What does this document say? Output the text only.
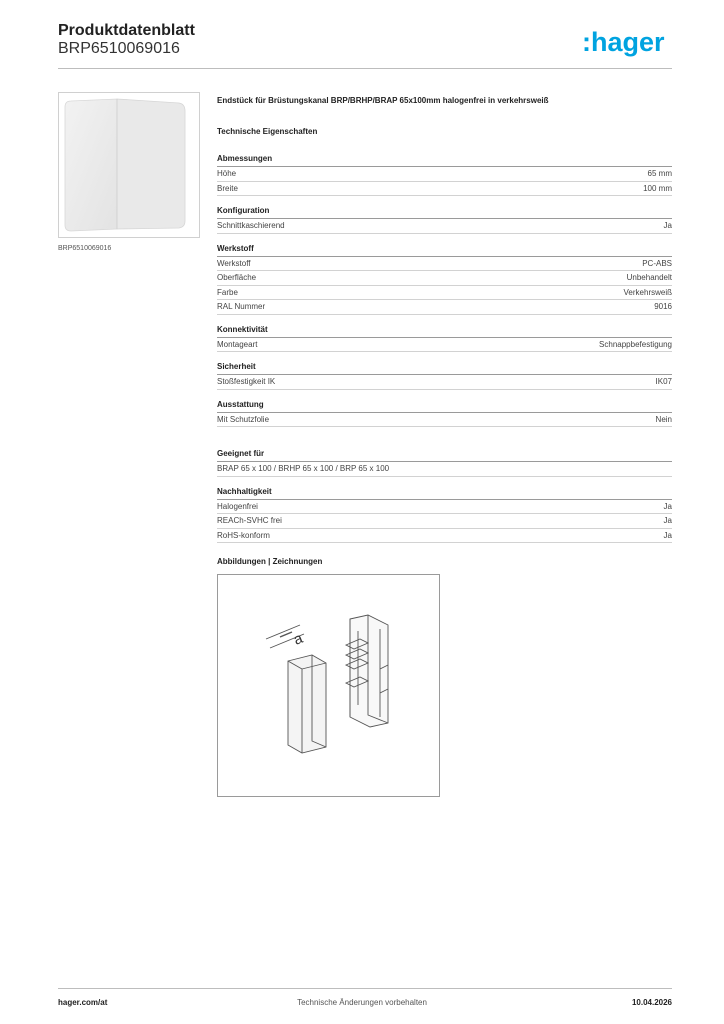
Produktdatenblatt
BRP6510069016	:hager
BRP6510069016
Endstück für Brüstungskanal BRP/BRHP/BRAP 65x100mm halogenfrei in verkehrsweiß
Technische Eigenschaften
Abmessungen
Höhe	65 mm
Breite	100 mm
Konfiguration
Schnittkaschierend	Ja
Werkstoff
Werkstoff	PC-ABS
Oberfläche	Unbehandelt
Farbe	Verkehrsweiß
RAL Nummer	9016
Konnektivität
Montageart	Schnappbefestigung
Sicherheit
Stoßfestigkeit IK	IK07
Ausstattung
Mit Schutzfolie	Nein
Geeignet für
BRAP 65 x 100 / BRHP 65 x 100 / BRP 65 x 100
Nachhaltigkeit
Halogenfrei	Ja
REACh-SVHC frei	Ja
RoHS-konform	Ja
Abbildungen | Zeichnungen
a
hager.com/at	Technische Änderungen vorbehalten	10.04.2026
